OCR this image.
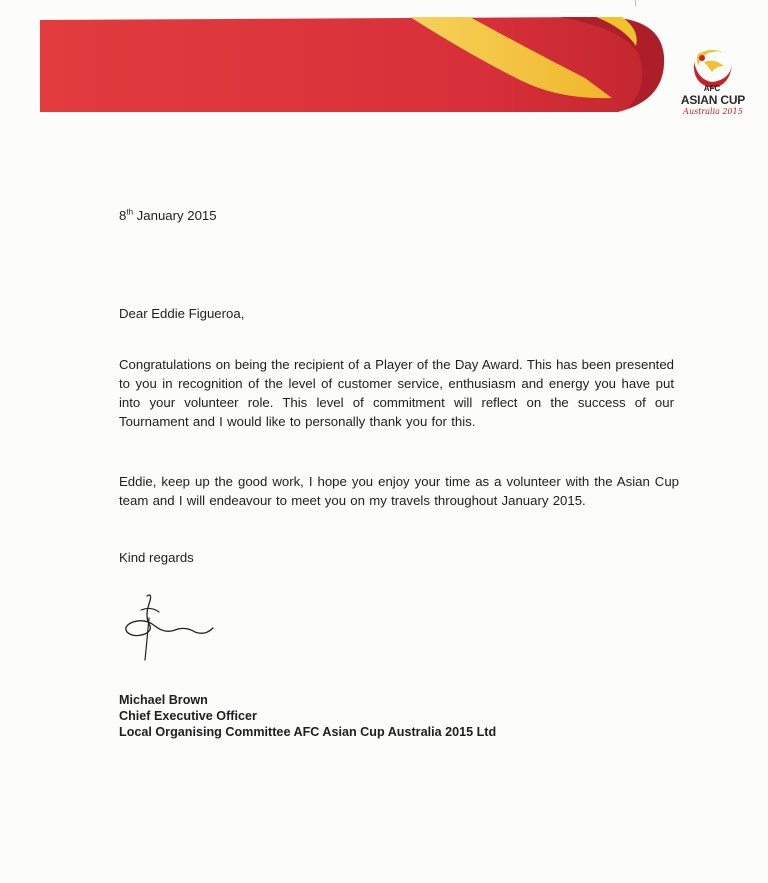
AFC
ASIAN CUP
Australia 2015
8th January 2015
Dear Eddie Figueroa,
Congratulations on being the recipient of a Player of the Day Award. This has been presented to you in recognition of the level of customer service, enthusiasm and energy you have put into your volunteer role. This level of commitment will reflect on the success of our Tournament and I would like to personally thank you for this.
Eddie, keep up the good work, I hope you enjoy your time as a volunteer with the Asian Cup team and I will endeavour to meet you on my travels throughout January 2015.
Kind regards
Michael Brown
Chief Executive Officer
Local Organising Committee AFC Asian Cup Australia 2015 Ltd
